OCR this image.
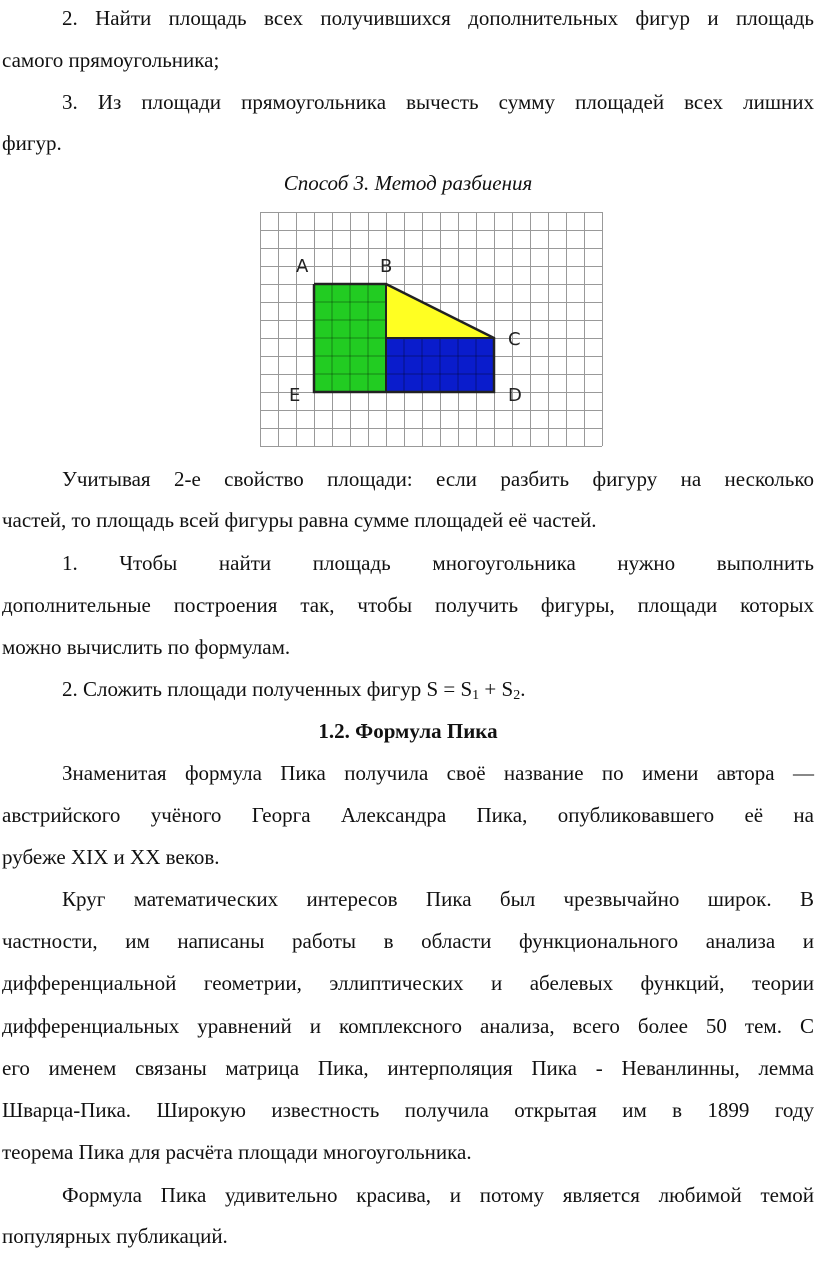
2. Найти площадь всех получившихся дополнительных фигур и площадь
самого прямоугольника;
3. Из площади прямоугольника вычесть сумму площадей всех лишних
фигур.
Способ 3. Метод разбиения
A	B
C
D
E
Учитывая 2-е свойство площади: если разбить фигуру на несколько
частей, то площадь всей фигуры равна сумме площадей её частей.
1. Чтобы найти площадь многоугольника нужно выполнить
дополнительные построения так, чтобы получить фигуры, площади которых
можно вычислить по формулам.
2. Сложить площади полученных фигур $S = S_1 + S_2$.
1.2. Формула Пика
Знаменитая формула Пика получила своё название по имени автора —
австрийского учёного Георга Александра Пика, опубликовавшего её на
рубеже XIX и XX веков.
Круг математических интересов Пика был чрезвычайно широк. В
частности, им написаны работы в области функционального анализа и
дифференциальной геометрии, эллиптических и абелевых функций, теории
дифференциальных уравнений и комплексного анализа, всего более 50 тем. С
его именем связаны матрица Пика, интерполяция Пика - Неванлинны, лемма
Шварца-Пика. Широкую известность получила открытая им в 1899 году
теорема Пика для расчёта площади многоугольника.
Формула Пика удивительно красива, и потому является любимой темой
популярных публикаций.
